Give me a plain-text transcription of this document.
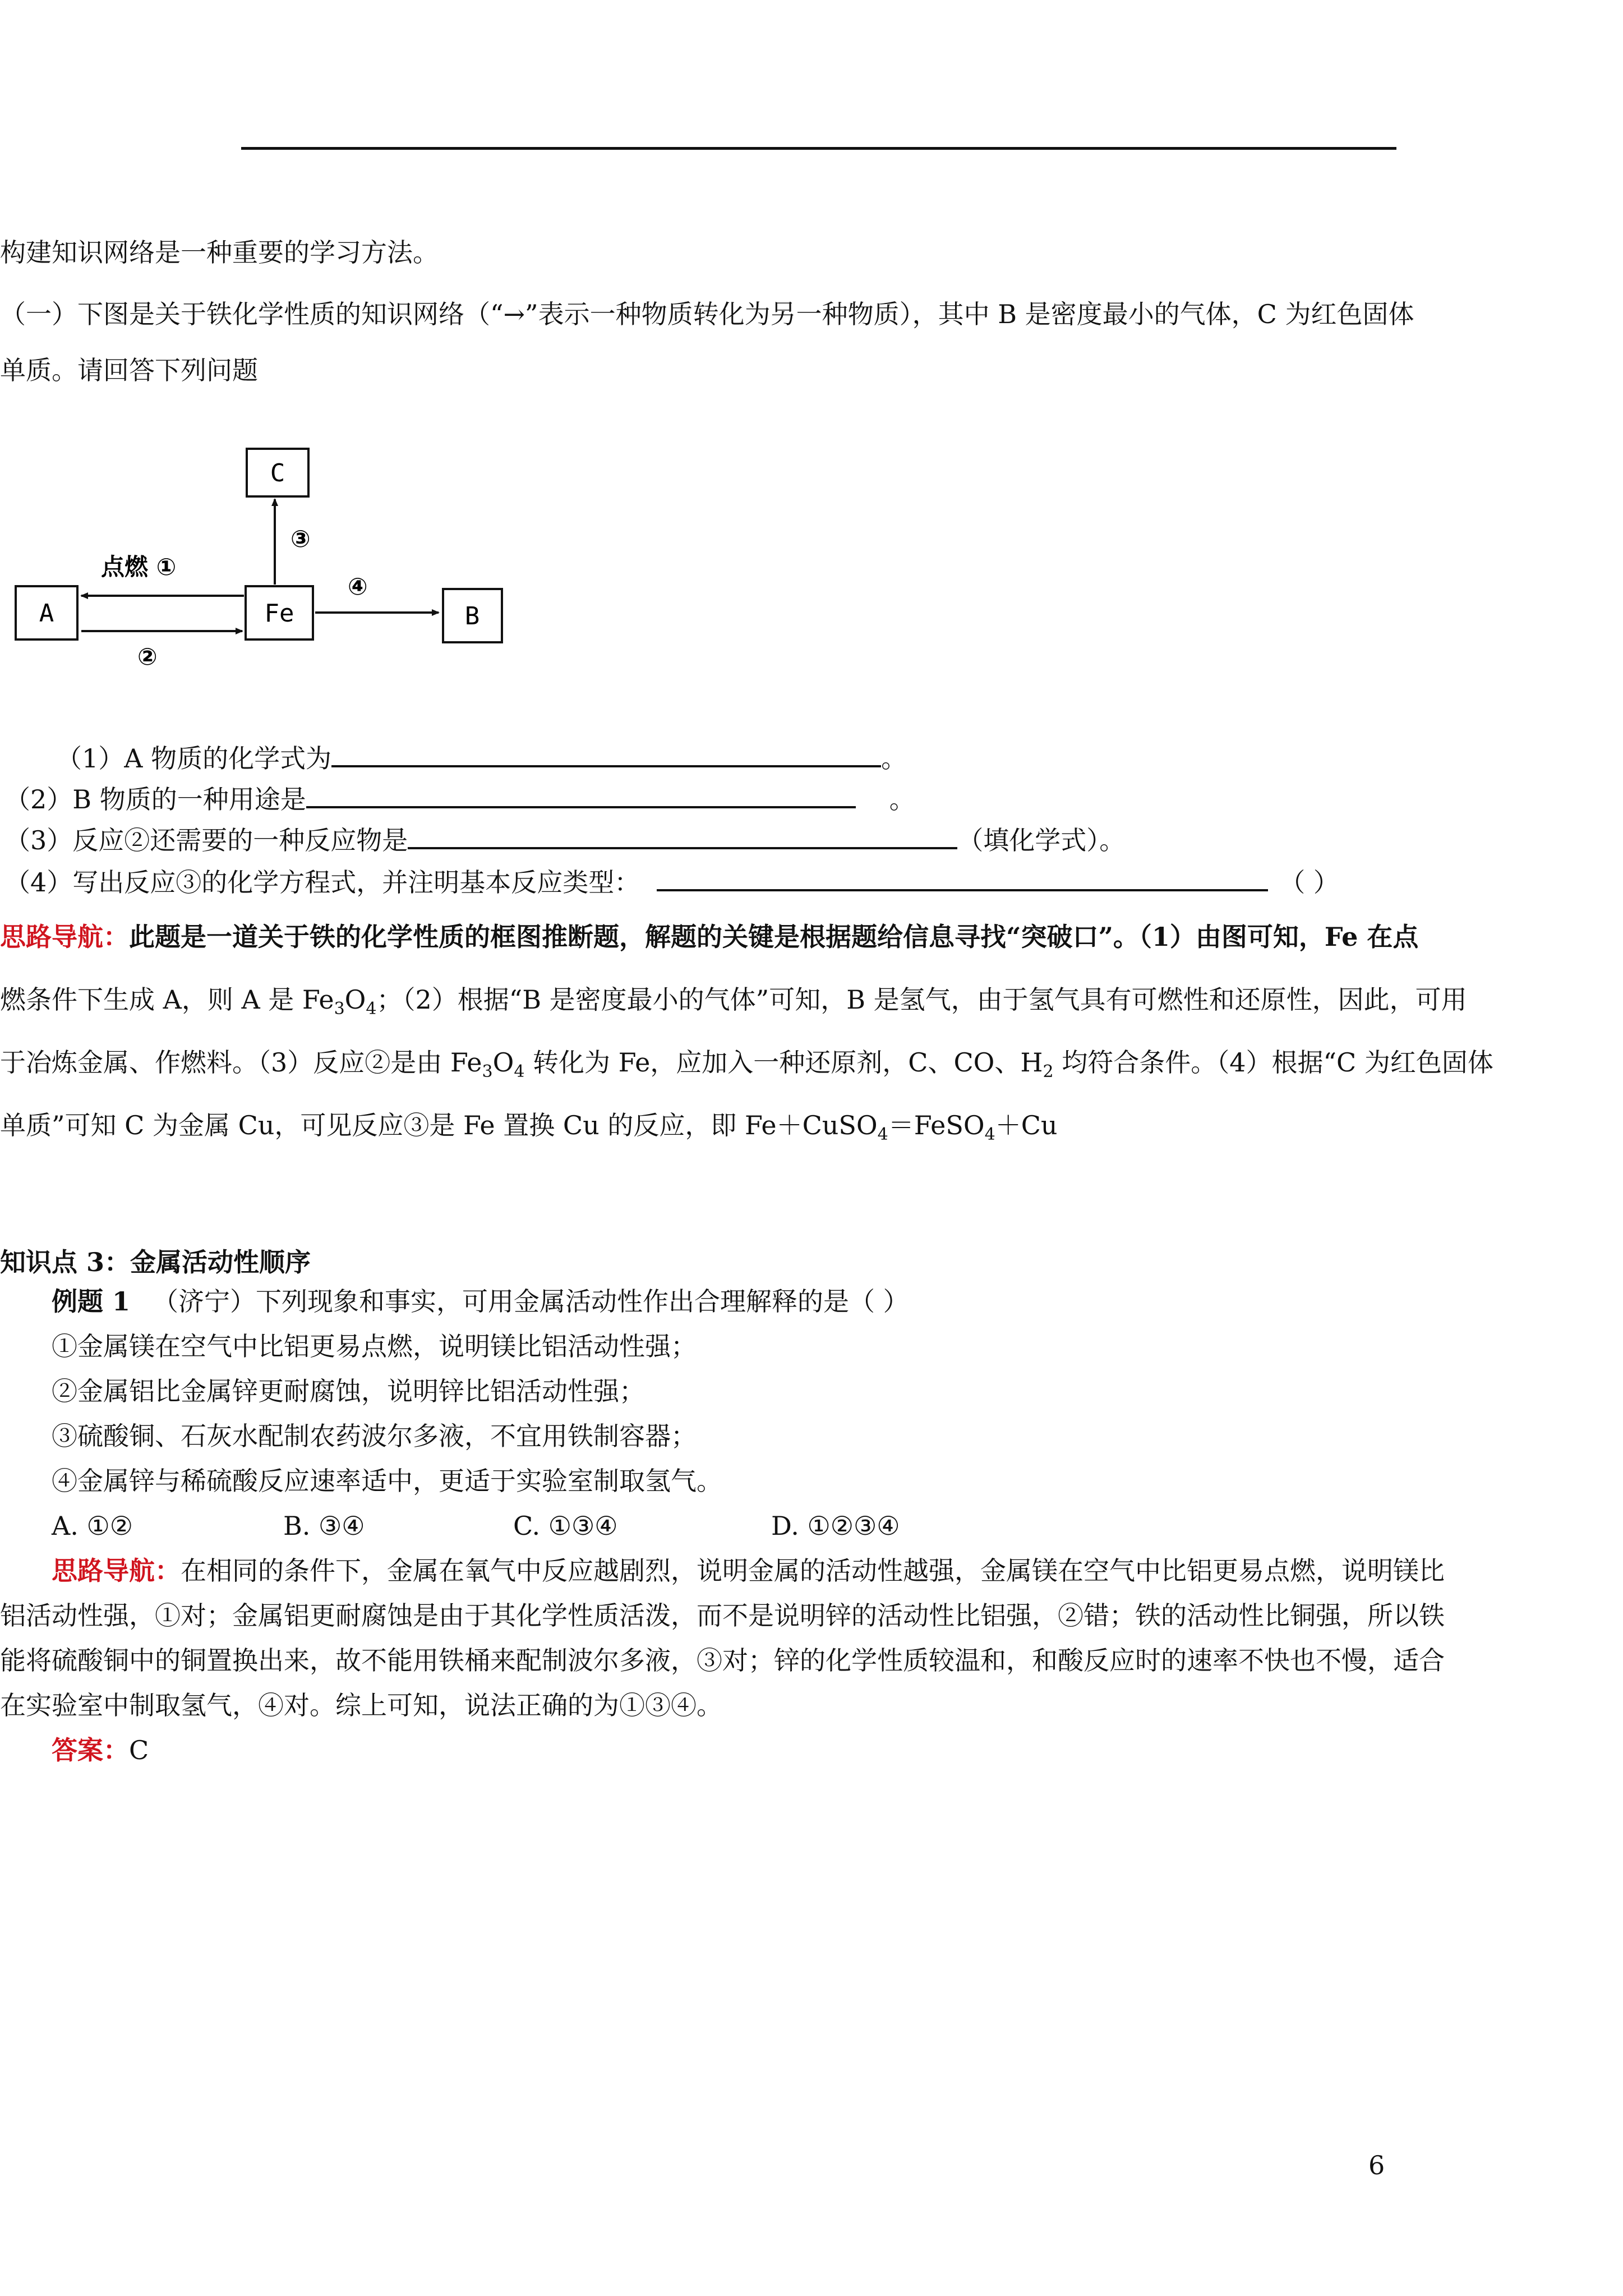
构建知识网络是一种重要的学习方法。
（一）下图是关于铁化学性质的知识网络（“→”表示一种物质转化为另一种物质），其中 B 是密度最小的气体，C 为红色固体
单质。请回答下列问题
C
A	Fe	B
点燃 ①
②
③
④
（1）A 物质的化学式为	。
（2）B 物质的一种用途是	。
（3）反应②还需要的一种反应物是	（填化学式）。
（4）写出反应③的化学方程式，并注明基本反应类型：	（ ）
思路导航：此题是一道关于铁的化学性质的框图推断题，解题的关键是根据题给信息寻找“突破口”。（1）由图可知，Fe 在点
燃条件下生成 A，则 A 是 $Fe_3O_4$；（2）根据“B 是密度最小的气体”可知，B 是氢气，由于氢气具有可燃性和还原性，因此，可用
于冶炼金属、作燃料。（3）反应②是由 $Fe_3O_4$ 转化为 Fe，应加入一种还原剂，C、CO、$H_2$ 均符合条件。（4）根据“C 为红色固体
单质”可知 C 为金属 Cu，可见反应③是 Fe 置换 Cu 的反应，即 Fe＋CuSO$_4$＝FeSO$_4$＋Cu
知识点 3：金属活动性顺序
例题 1 （济宁）下列现象和事实，可用金属活动性作出合理解释的是（ ）
①金属镁在空气中比铝更易点燃，说明镁比铝活动性强；
②金属铝比金属锌更耐腐蚀，说明锌比铝活动性强；
③硫酸铜、石灰水配制农药波尔多液，不宜用铁制容器；
④金属锌与稀硫酸反应速率适中，更适于实验室制取氢气。
A. ①②	B. ③④	C. ①③④	D. ①②③④
思路导航：在相同的条件下，金属在氧气中反应越剧烈，说明金属的活动性越强，金属镁在空气中比铝更易点燃，说明镁比
铝活动性强，①对；金属铝更耐腐蚀是由于其化学性质活泼，而不是说明锌的活动性比铝强，②错；铁的活动性比铜强，所以铁
能将硫酸铜中的铜置换出来，故不能用铁桶来配制波尔多液，③对；锌的化学性质较温和，和酸反应时的速率不快也不慢，适合
在实验室中制取氢气，④对。综上可知，说法正确的为①③④。
答案：C
6
